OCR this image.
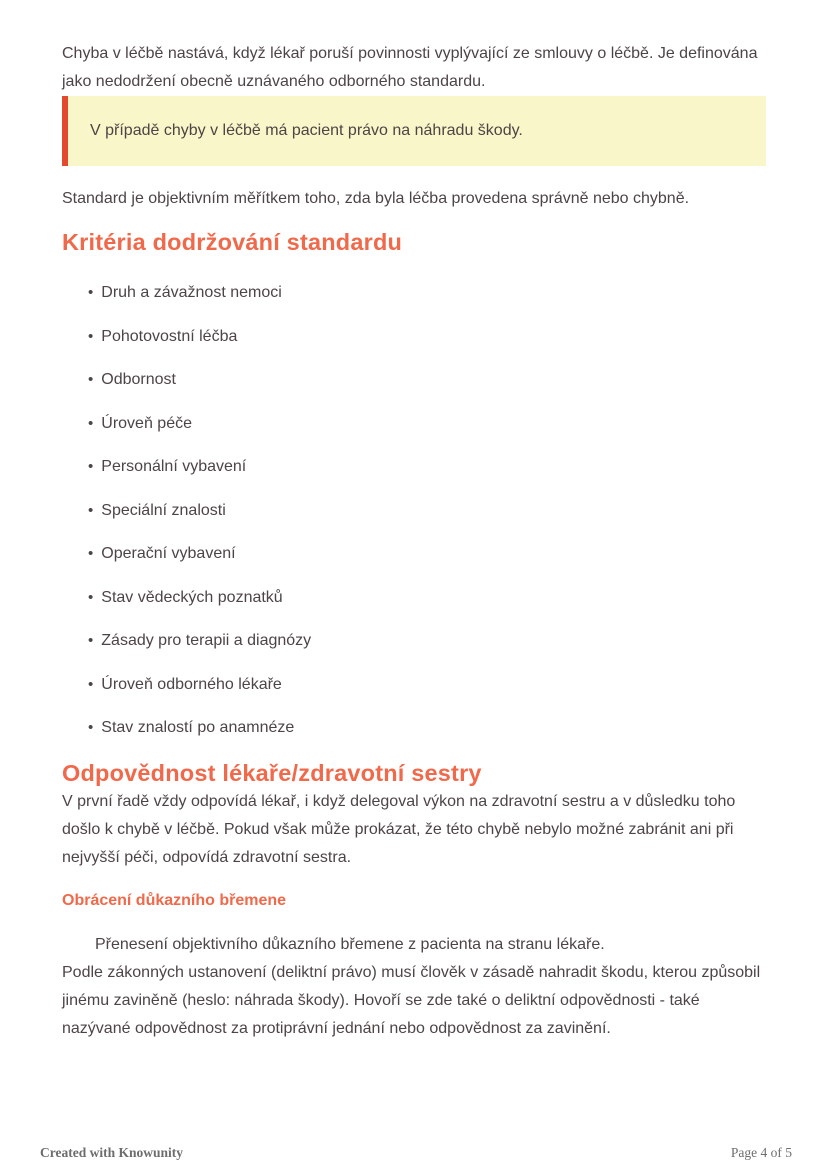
Chyba v léčbě nastává, když lékař poruší povinnosti vyplývající ze smlouvy o léčbě. Je definována jako nedodržení obecně uznávaného odborného standardu.

V případě chyby v léčbě má pacient právo na náhradu škody.

Standard je objektivním měřítkem toho, zda byla léčba provedena správně nebo chybně.

Kritéria dodržování standardu
• Druh a závažnost nemoci
• Pohotovostní léčba
• Odbornost
• Úroveň péče
• Personální vybavení
• Speciální znalosti
• Operační vybavení
• Stav vědeckých poznatků
• Zásady pro terapii a diagnózy
• Úroveň odborného lékaře
• Stav znalostí po anamnéze
Odpovědnost lékaře/zdravotní sestry

V první řadě vždy odpovídá lékař, i když delegoval výkon na zdravotní sestru a v důsledku toho došlo k chybě v léčbě. Pokud však může prokázat, že této chybě nebylo možné zabránit ani při nejvyšší péči, odpovídá zdravotní sestra.

Obrácení důkazního břemene

Přenesení objektivního důkazního břemene z pacienta na stranu lékaře.

Podle zákonných ustanovení (deliktní právo) musí člověk v zásadě nahradit škodu, kterou způsobil jinému zaviněně (heslo: náhrada škody). Hovoří se zde také o deliktní odpovědnosti - také nazývané odpovědnost za protiprávní jednání nebo odpovědnost za zavinění.

Created with Knowunity	Page 4 of 5
